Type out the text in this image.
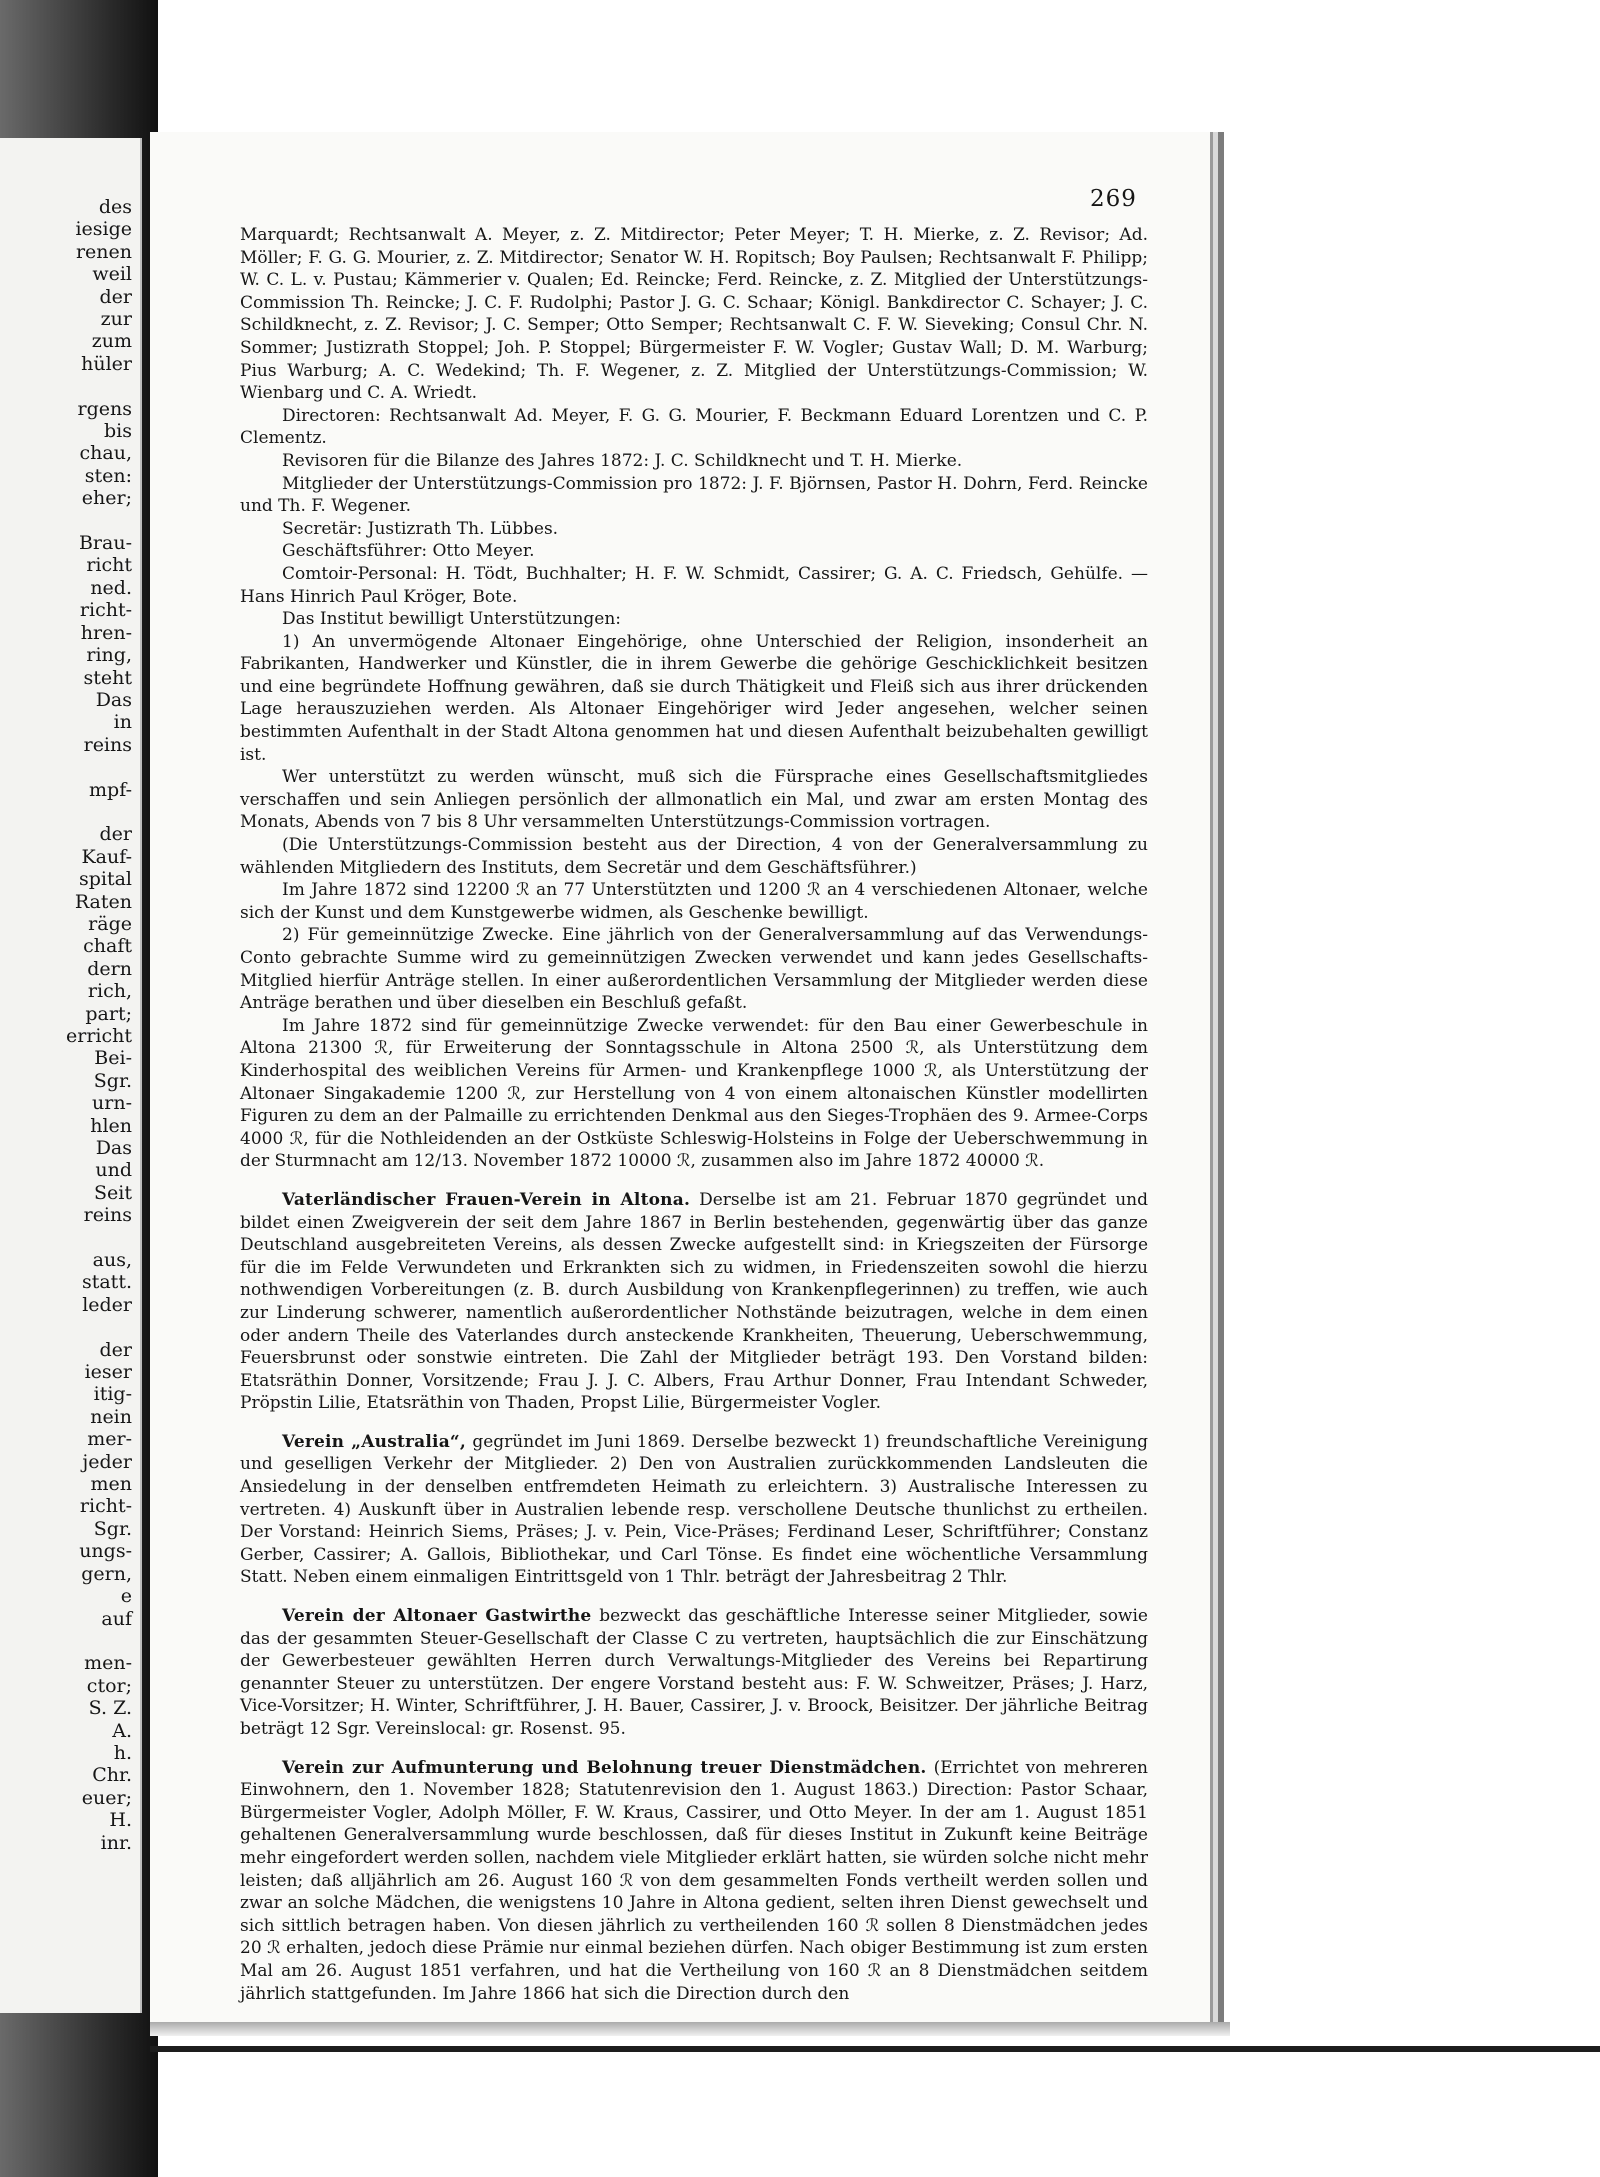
des
iesige
renen
weil
der
zur
zum
hüler
rgens
bis
chau,
sten:
eher;
Brau-
richt
ned.
richt-
hren-
ring,
steht
Das
in
reins
mpf-
der
Kauf-
spital
Raten
räge
chaft
dern
rich,
part;
erricht
Bei-
Sgr.
urn-
hlen
Das
und
Seit
reins
aus,
statt.
leder
der
ieser
itig-
nein
mer-
jeder
men
richt-
Sgr.
ungs-
gern,
e
auf
men-
ctor;
S. Z.
A.
h.
Chr.
euer;
H.
inr.
269

Marquardt; Rechtsanwalt A. Meyer, z. Z. Mitdirector; Peter Meyer; T. H. Mierke, z. Z. Revisor; Ad. Möller; F. G. G. Mourier, z. Z. Mitdirector; Senator W. H. Ropitsch; Boy Paulsen; Rechtsanwalt F. Philipp; W. C. L. v. Pustau; Kämmerier v. Qualen; Ed. Reincke; Ferd. Reincke, z. Z. Mitglied der Unterstützungs-Commission Th. Reincke; J. C. F. Rudolphi; Pastor J. G. C. Schaar; Königl. Bankdirector C. Schayer; J. C. Schildknecht, z. Z. Revisor; J. C. Semper; Otto Semper; Rechtsanwalt C. F. W. Sieveking; Consul Chr. N. Sommer; Justizrath Stoppel; Joh. P. Stoppel; Bürgermeister F. W. Vogler; Gustav Wall; D. M. Warburg; Pius Warburg; A. C. Wedekind; Th. F. Wegener, z. Z. Mitglied der Unterstützungs-Commission; W. Wienbarg und C. A. Wriedt.

Directoren: Rechtsanwalt Ad. Meyer, F. G. G. Mourier, F. Beckmann Eduard Lorentzen und C. P. Clementz.

Revisoren für die Bilanze des Jahres 1872: J. C. Schildknecht und T. H. Mierke.

Mitglieder der Unterstützungs-Commission pro 1872: J. F. Björnsen, Pastor H. Dohrn, Ferd. Reincke und Th. F. Wegener.

Secretär: Justizrath Th. Lübbes.

Geschäftsführer: Otto Meyer.

Comtoir-Personal: H. Tödt, Buchhalter; H. F. W. Schmidt, Cassirer; G. A. C. Friedsch, Gehülfe. — Hans Hinrich Paul Kröger, Bote.

Das Institut bewilligt Unterstützungen:

1) An unvermögende Altonaer Eingehörige, ohne Unterschied der Religion, insonderheit an Fabrikanten, Handwerker und Künstler, die in ihrem Gewerbe die gehörige Geschicklichkeit besitzen und eine begründete Hoffnung gewähren, daß sie durch Thätigkeit und Fleiß sich aus ihrer drückenden Lage herauszuziehen werden. Als Altonaer Eingehöriger wird Jeder angesehen, welcher seinen bestimmten Aufenthalt in der Stadt Altona genommen hat und diesen Aufenthalt beizubehalten gewilligt ist.

Wer unterstützt zu werden wünscht, muß sich die Fürsprache eines Gesellschaftsmitgliedes verschaffen und sein Anliegen persönlich der allmonatlich ein Mal, und zwar am ersten Montag des Monats, Abends von 7 bis 8 Uhr versammelten Unterstützungs-Commission vortragen.

(Die Unterstützungs-Commission besteht aus der Direction, 4 von der Generalversammlung zu wählenden Mitgliedern des Instituts, dem Secretär und dem Geschäftsführer.)

Im Jahre 1872 sind 12200 ℛ︀ an 77 Unterstützten und 1200 ℛ︀ an 4 verschiedenen Altonaer, welche sich der Kunst und dem Kunstgewerbe widmen, als Geschenke bewilligt.

2) Für gemeinnützige Zwecke. Eine jährlich von der Generalversammlung auf das Verwendungs-Conto gebrachte Summe wird zu gemeinnützigen Zwecken verwendet und kann jedes Gesellschafts-Mitglied hierfür Anträge stellen. In einer außerordentlichen Versammlung der Mitglieder werden diese Anträge berathen und über dieselben ein Beschluß gefaßt.

Im Jahre 1872 sind für gemeinnützige Zwecke verwendet: für den Bau einer Gewerbeschule in Altona 21300 ℛ︀, für Erweiterung der Sonntagsschule in Altona 2500 ℛ︀, als Unterstützung dem Kinderhospital des weiblichen Vereins für Armen- und Krankenpflege 1000 ℛ︀, als Unterstützung der Altonaer Singakademie 1200 ℛ︀, zur Herstellung von 4 von einem altonaischen Künstler modellirten Figuren zu dem an der Palmaille zu errichtenden Denkmal aus den Sieges-Trophäen des 9. Armee-Corps 4000 ℛ︀, für die Nothleidenden an der Ostküste Schleswig-Holsteins in Folge der Ueberschwemmung in der Sturmnacht am 12/13. November 1872 10000 ℛ︀, zusammen also im Jahre 1872 40000 ℛ︀.

Vaterländischer Frauen-Verein in Altona. Derselbe ist am 21. Februar 1870 gegründet und bildet einen Zweigverein der seit dem Jahre 1867 in Berlin bestehenden, gegenwärtig über das ganze Deutschland ausgebreiteten Vereins, als dessen Zwecke aufgestellt sind: in Kriegszeiten der Fürsorge für die im Felde Verwundeten und Erkrankten sich zu widmen, in Friedenszeiten sowohl die hierzu nothwendigen Vorbereitungen (z. B. durch Ausbildung von Krankenpflegerinnen) zu treffen, wie auch zur Linderung schwerer, namentlich außerordentlicher Nothstände beizutragen, welche in dem einen oder andern Theile des Vaterlandes durch ansteckende Krankheiten, Theuerung, Ueberschwemmung, Feuersbrunst oder sonstwie eintreten. Die Zahl der Mitglieder beträgt 193. Den Vorstand bilden: Etatsräthin Donner, Vorsitzende; Frau J. J. C. Albers, Frau Arthur Donner, Frau Intendant Schweder, Pröpstin Lilie, Etatsräthin von Thaden, Propst Lilie, Bürgermeister Vogler.

Verein „Australia“, gegründet im Juni 1869. Derselbe bezweckt 1) freundschaftliche Vereinigung und geselligen Verkehr der Mitglieder. 2) Den von Australien zurückkommenden Landsleuten die Ansiedelung in der denselben entfremdeten Heimath zu erleichtern. 3) Australische Interessen zu vertreten. 4) Auskunft über in Australien lebende resp. verschollene Deutsche thunlichst zu ertheilen. Der Vorstand: Heinrich Siems, Präses; J. v. Pein, Vice-Präses; Ferdinand Leser, Schriftführer; Constanz Gerber, Cassirer; A. Gallois, Bibliothekar, und Carl Tönse. Es findet eine wöchentliche Versammlung Statt. Neben einem einmaligen Eintrittsgeld von 1 Thlr. beträgt der Jahresbeitrag 2 Thlr.

Verein der Altonaer Gastwirthe bezweckt das geschäftliche Interesse seiner Mitglieder, sowie das der gesammten Steuer-Gesellschaft der Classe C zu vertreten, hauptsächlich die zur Einschätzung der Gewerbesteuer gewählten Herren durch Verwaltungs-Mitglieder des Vereins bei Repartirung genannter Steuer zu unterstützen. Der engere Vorstand besteht aus: F. W. Schweitzer, Präses; J. Harz, Vice-Vorsitzer; H. Winter, Schriftführer, J. H. Bauer, Cassirer, J. v. Broock, Beisitzer. Der jährliche Beitrag beträgt 12 Sgr. Vereinslocal: gr. Rosenst. 95.

Verein zur Aufmunterung und Belohnung treuer Dienstmädchen. (Errichtet von mehreren Einwohnern, den 1. November 1828; Statutenrevision den 1. August 1863.) Direction: Pastor Schaar, Bürgermeister Vogler, Adolph Möller, F. W. Kraus, Cassirer, und Otto Meyer. In der am 1. August 1851 gehaltenen Generalversammlung wurde beschlossen, daß für dieses Institut in Zukunft keine Beiträge mehr eingefordert werden sollen, nachdem viele Mitglieder erklärt hatten, sie würden solche nicht mehr leisten; daß alljährlich am 26. August 160 ℛ︀ von dem gesammelten Fonds vertheilt werden sollen und zwar an solche Mädchen, die wenigstens 10 Jahre in Altona gedient, selten ihren Dienst gewechselt und sich sittlich betragen haben. Von diesen jährlich zu vertheilenden 160 ℛ︀ sollen 8 Dienstmädchen jedes 20 ℛ︀ erhalten, jedoch diese Prämie nur einmal beziehen dürfen. Nach obiger Bestimmung ist zum ersten Mal am 26. August 1851 verfahren, und hat die Vertheilung von 160 ℛ︀ an 8 Dienstmädchen seitdem jährlich stattgefunden. Im Jahre 1866 hat sich die Direction durch den
